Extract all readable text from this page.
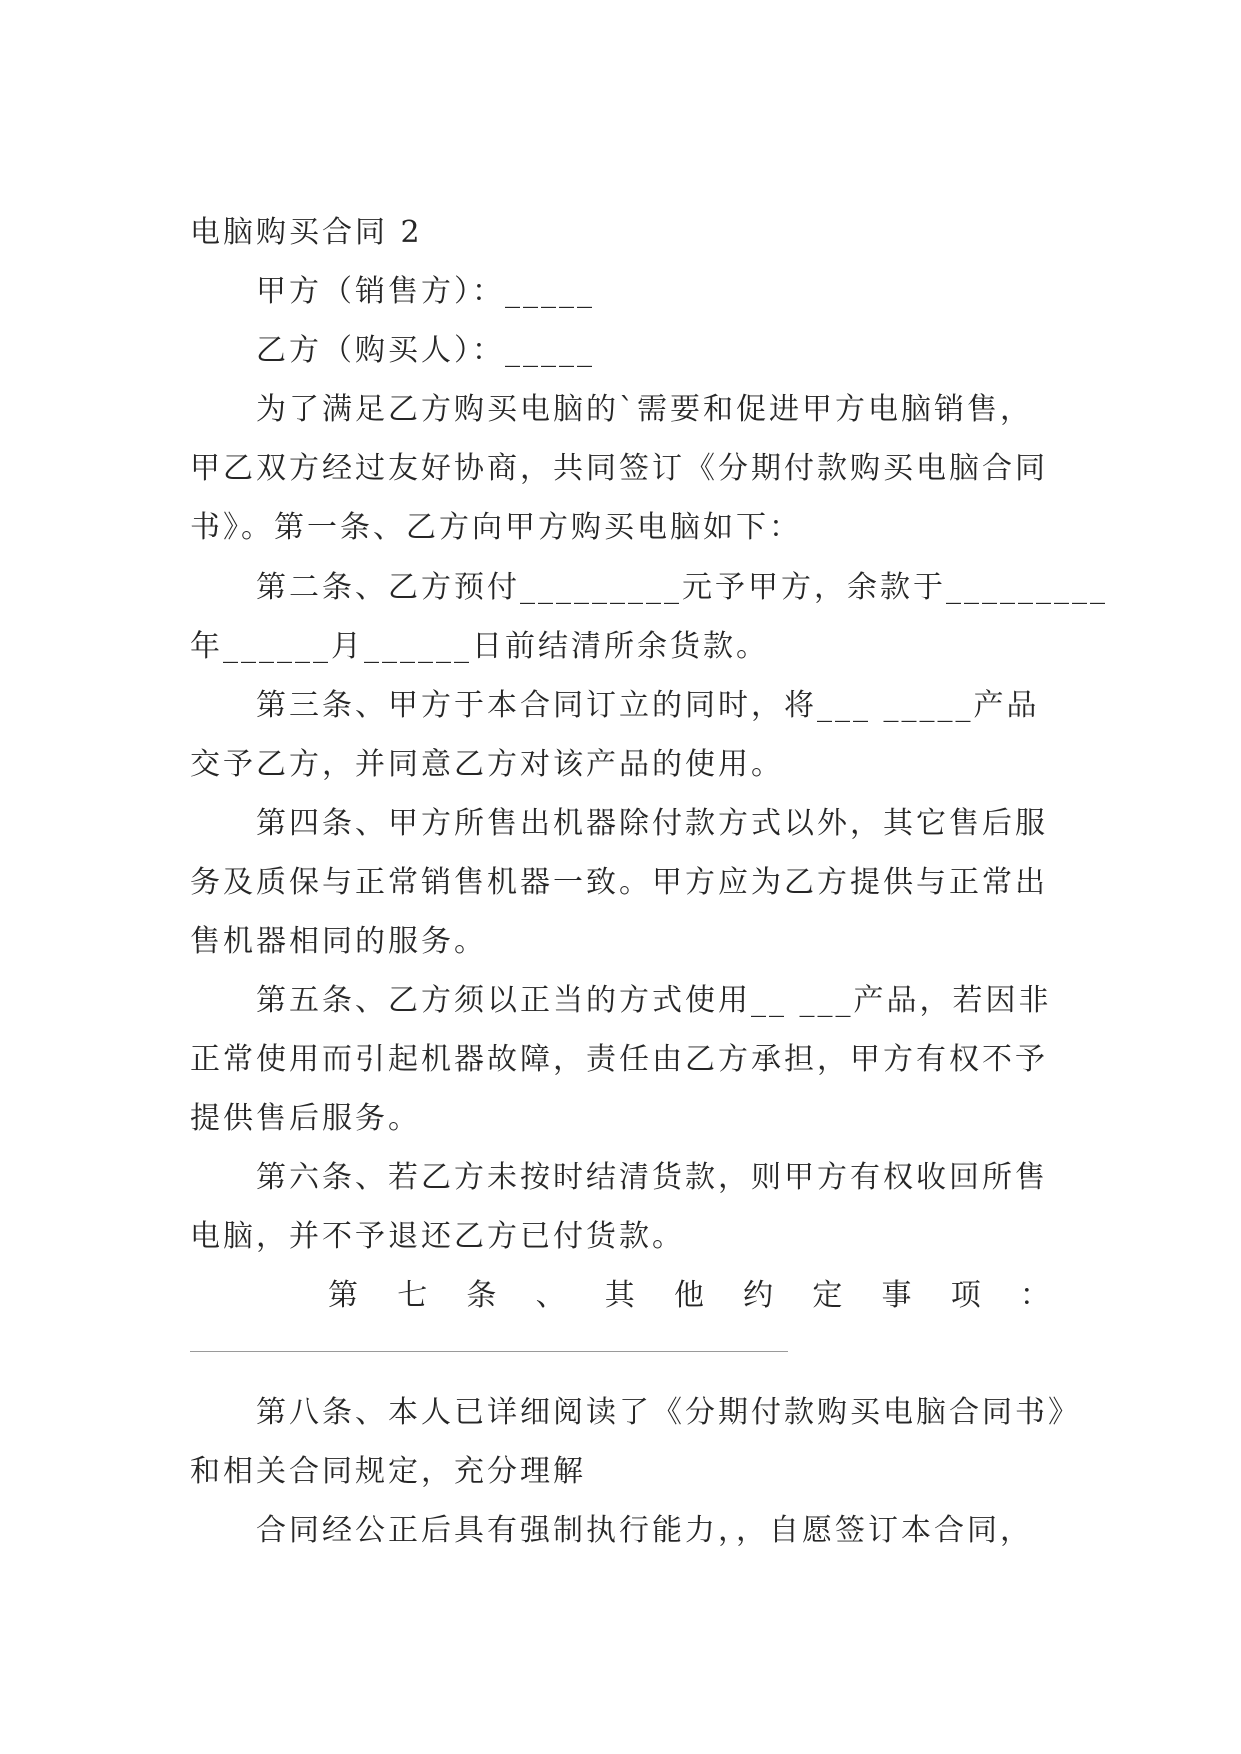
电脑购买合同 2
甲方（销售方）：_____
乙方（购买人）：_____
为了满足乙方购买电脑的`需要和促进甲方电脑销售，
甲乙双方经过友好协商，共同签订《分期付款购买电脑合同
书》。第一条、乙方向甲方购买电脑如下：
第二条、乙方预付_________元予甲方，余款于_________
年______月______日前结清所余货款。
第三条、甲方于本合同订立的同时，将___ _____产品
交予乙方，并同意乙方对该产品的使用。
第四条、甲方所售出机器除付款方式以外，其它售后服
务及质保与正常销售机器一致。甲方应为乙方提供与正常出
售机器相同的服务。
第五条、乙方须以正当的方式使用__ ___产品，若因非
正常使用而引起机器故障，责任由乙方承担，甲方有权不予
提供售后服务。
第六条、若乙方未按时结清货款，则甲方有权收回所售
电脑，并不予退还乙方已付货款。
第 七 条 、 其 他 约 定 事 项 ：
第八条、本人已详细阅读了《分期付款购买电脑合同书》
和相关合同规定，充分理解
合同经公正后具有强制执行能力，，自愿签订本合同，
